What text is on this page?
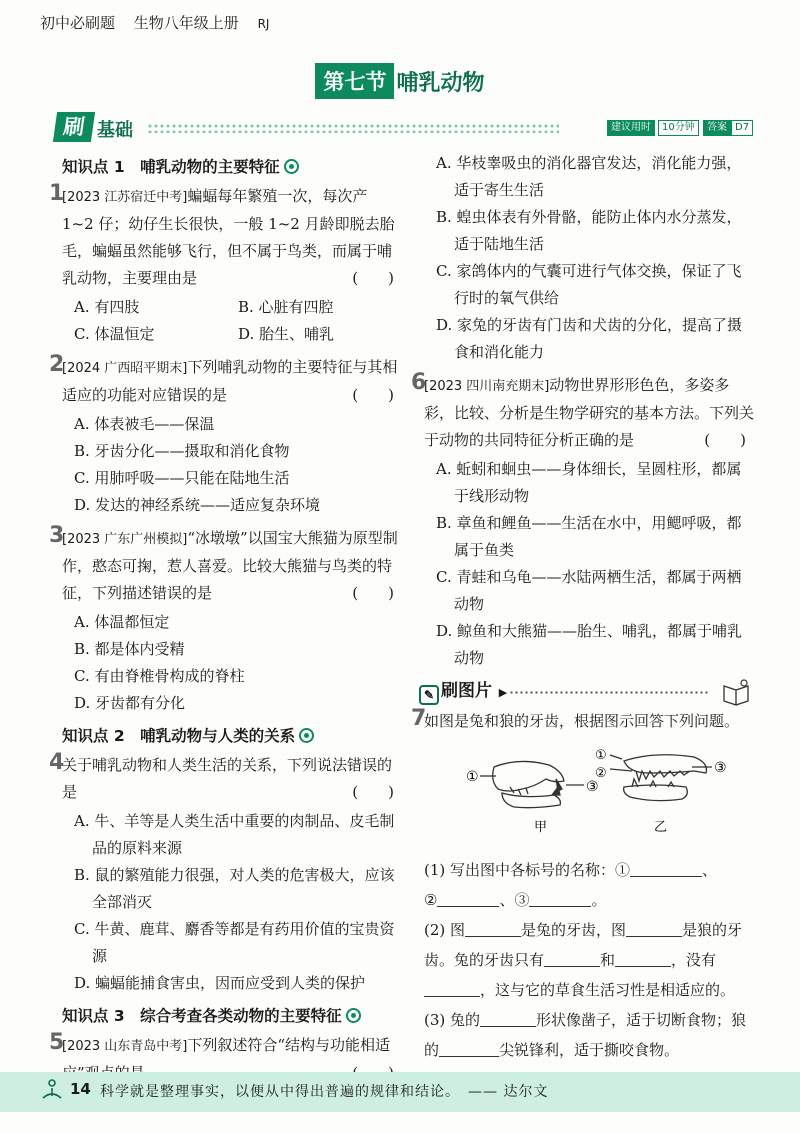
初中必刷题 生物八年级上册 RJ
第七节 哺乳动物
刷 基础	建议用时	10分钟	答案 D7
知识点 1　哺乳动物的主要特征
1
[2023 江苏宿迁中考]蝙蝠每年繁殖一次，每次产 1~2 仔；幼仔生长很快，一般 1~2 月龄即脱去胎毛，蝙蝠虽然能够飞行，但不属于鸟类，而属于哺乳动物，主要理由是	(　　)
A. 有四肢	B. 心脏有四腔
C. 体温恒定	D. 胎生、哺乳
2
[2024 广西昭平期末]下列哺乳动物的主要特征与其相适应的功能对应错误的是	(　　)
A. 体表被毛——保温
B. 牙齿分化——摄取和消化食物
C. 用肺呼吸——只能在陆地生活
D. 发达的神经系统——适应复杂环境
3
[2023 广东广州模拟]“冰墩墩”以国宝大熊猫为原型制作，憨态可掬，惹人喜爱。比较大熊猫与鸟类的特征，下列描述错误的是	(　　)
A. 体温都恒定
B. 都是体内受精
C. 有由脊椎骨构成的脊柱
D. 牙齿都有分化
知识点 2　哺乳动物与人类的关系
4
关于哺乳动物和人类生活的关系，下列说法错误的是	(　　)
A. 牛、羊等是人类生活中重要的肉制品、皮毛制品的原料来源
B. 鼠的繁殖能力很强，对人类的危害极大，应该全部消灭
C. 牛黄、鹿茸、麝香等都是有药用价值的宝贵资源
D. 蝙蝠能捕食害虫，因而应受到人类的保护
知识点 3　综合考查各类动物的主要特征
5
[2023 山东青岛中考]下列叙述符合“结构与功能相适
A. 华枝睾吸虫的消化器官发达，消化能力强，适于寄生生活
B. 蝗虫体表有外骨骼，能防止体内水分蒸发，适于陆地生活
C. 家鸽体内的气囊可进行气体交换，保证了飞行时的氧气供给
D. 家兔的牙齿有门齿和犬齿的分化，提高了摄食和消化能力
6
[2023 四川南充期末]动物世界形形色色，多姿多彩，比较、分析是生物学研究的基本方法。下列关于动物的共同特征分析正确的是	(　　)
A. 蚯蚓和蛔虫——身体细长，呈圆柱形，都属于线形动物
B. 章鱼和鲤鱼——生活在水中，用鳃呼吸，都属于鱼类
C. 青蛙和乌龟——水陆两栖生活，都属于两栖动物
D. 鲸鱼和大熊猫——胎生、哺乳，都属于哺乳动物
✎ 刷图片 ▶
7
如图是兔和狼的牙齿，根据图示回答下列问题。
①
③
甲
①
②	③
乙
(1) 写出图中各标号的名称：①	、
②	、③	。
(2) 图	是兔的牙齿，图	是狼的牙齿。兔的牙齿只有	和	，没有，这与它的草食生活习性是相适应的。
(3) 兔的	形状像凿子，适于切断食物；狼的	尖锐锋利，适于撕咬食物。
14 科学就是整理事实，以便从中得出普遍的规律和结论。　—— 达尔文
